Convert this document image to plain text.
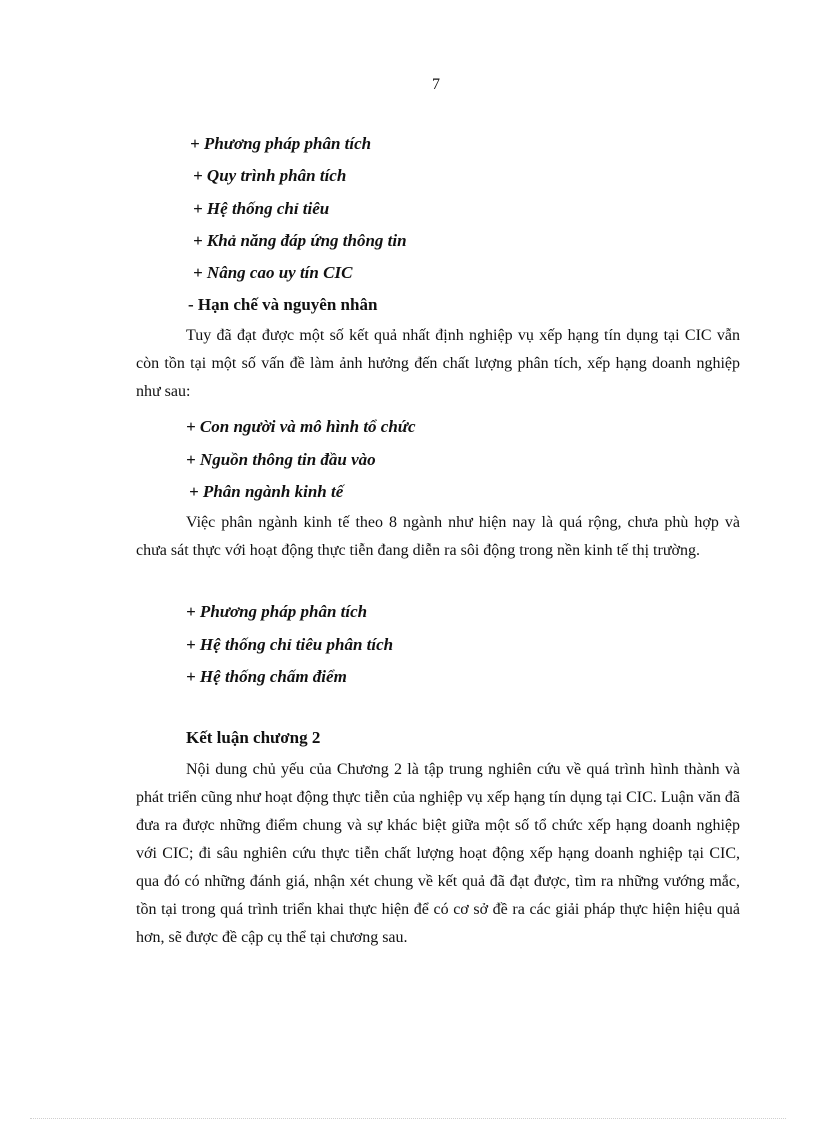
7
+ Phương pháp phân tích
+ Quy trình phân tích
+ Hệ thống chỉ tiêu
+ Khả năng đáp ứng thông tin
+ Nâng cao uy tín CIC
- Hạn chế và nguyên nhân
Tuy đã đạt được một số kết quả nhất định nghiệp vụ xếp hạng tín dụng tại CIC vẫn còn tồn tại một số vấn đề làm ảnh hưởng đến chất lượng phân tích, xếp hạng doanh nghiệp như sau:
+ Con người và mô hình tổ chức
+ Nguồn thông tin đầu vào
+ Phân ngành kinh tế
Việc phân ngành kinh tế theo 8 ngành như hiện nay là quá rộng, chưa phù hợp và chưa sát thực với hoạt động thực tiễn đang diễn ra sôi động trong nền kinh tế thị trường.
+ Phương pháp phân tích
+ Hệ thống chỉ tiêu phân tích
+ Hệ thống chấm điểm
Kết luận chương 2
Nội dung chủ yếu của Chương 2 là tập trung nghiên cứu về quá trình hình thành và phát triển cũng như hoạt động thực tiễn của nghiệp vụ xếp hạng tín dụng tại CIC. Luận văn đã đưa ra được những điểm chung và sự khác biệt giữa một số tổ chức xếp hạng doanh nghiệp với CIC; đi sâu nghiên cứu thực tiễn chất lượng hoạt động xếp hạng doanh nghiệp tại CIC, qua đó có những đánh giá, nhận xét chung về kết quả đã đạt được, tìm ra những vướng mắc, tồn tại trong quá trình triển khai thực hiện để có cơ sở đề ra các giải pháp thực hiện hiệu quả hơn, sẽ được đề cập cụ thể tại chương sau.
